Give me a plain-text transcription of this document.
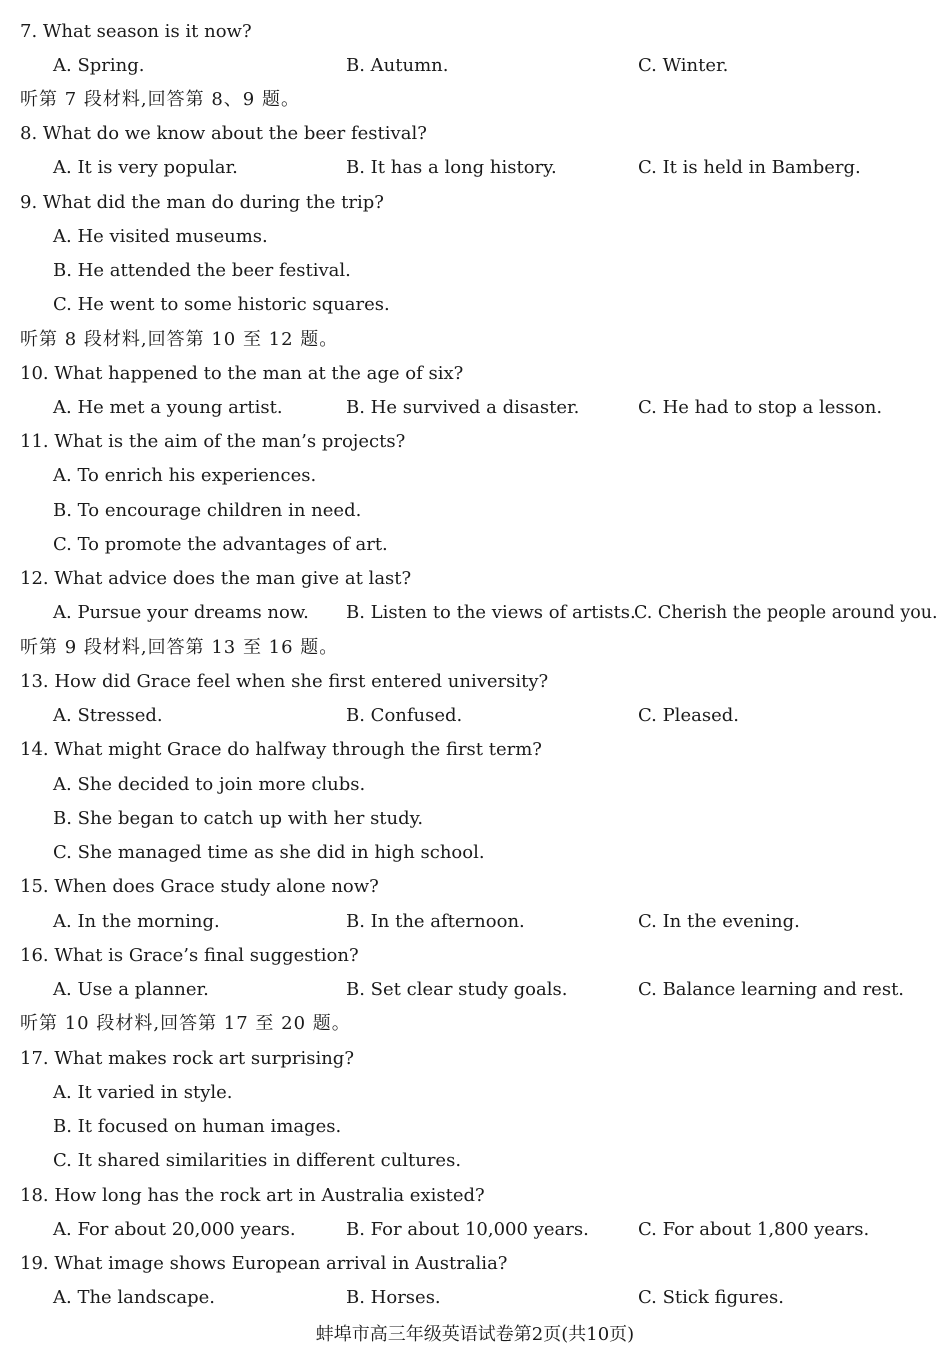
7. What season is it now?
A. Spring.	B. Autumn.	C. Winter.
听第 7 段材料,回答第 8、9 题。
8. What do we know about the beer festival?
A. It is very popular.	B. It has a long history.	C. It is held in Bamberg.
9. What did the man do during the trip?
A. He visited museums.
B. He attended the beer festival.
C. He went to some historic squares.
听第 8 段材料,回答第 10 至 12 题。
10. What happened to the man at the age of six?
A. He met a young artist.	B. He survived a disaster.	C. He had to stop a lesson.
11. What is the aim of the man’s projects?
A. To enrich his experiences.
B. To encourage children in need.
C. To promote the advantages of art.
12. What advice does the man give at last?
A. Pursue your dreams now. B. Listen to the views of artists.
C. Cherish the people around you.
听第 9 段材料,回答第 13 至 16 题。
13. How did Grace feel when she first entered university?
A. Stressed.	B. Confused.	C. Pleased.
14. What might Grace do halfway through the first term?
A. She decided to join more clubs.
B. She began to catch up with her study.
C. She managed time as she did in high school.
15. When does Grace study alone now?
A. In the morning.	B. In the afternoon.	C. In the evening.
16. What is Grace’s final suggestion?
A. Use a planner.	B. Set clear study goals.	C. Balance learning and rest.
听第 10 段材料,回答第 17 至 20 题。
17. What makes rock art surprising?
A. It varied in style.
B. It focused on human images.
C. It shared similarities in different cultures.
18. How long has the rock art in Australia existed?
A. For about 20,000 years.	B. For about 10,000 years.	C. For about 1,800 years.
19. What image shows European arrival in Australia?
A. The landscape.	B. Horses.	C. Stick figures.
蚌埠市高三年级英语试卷第2页(共10页)
